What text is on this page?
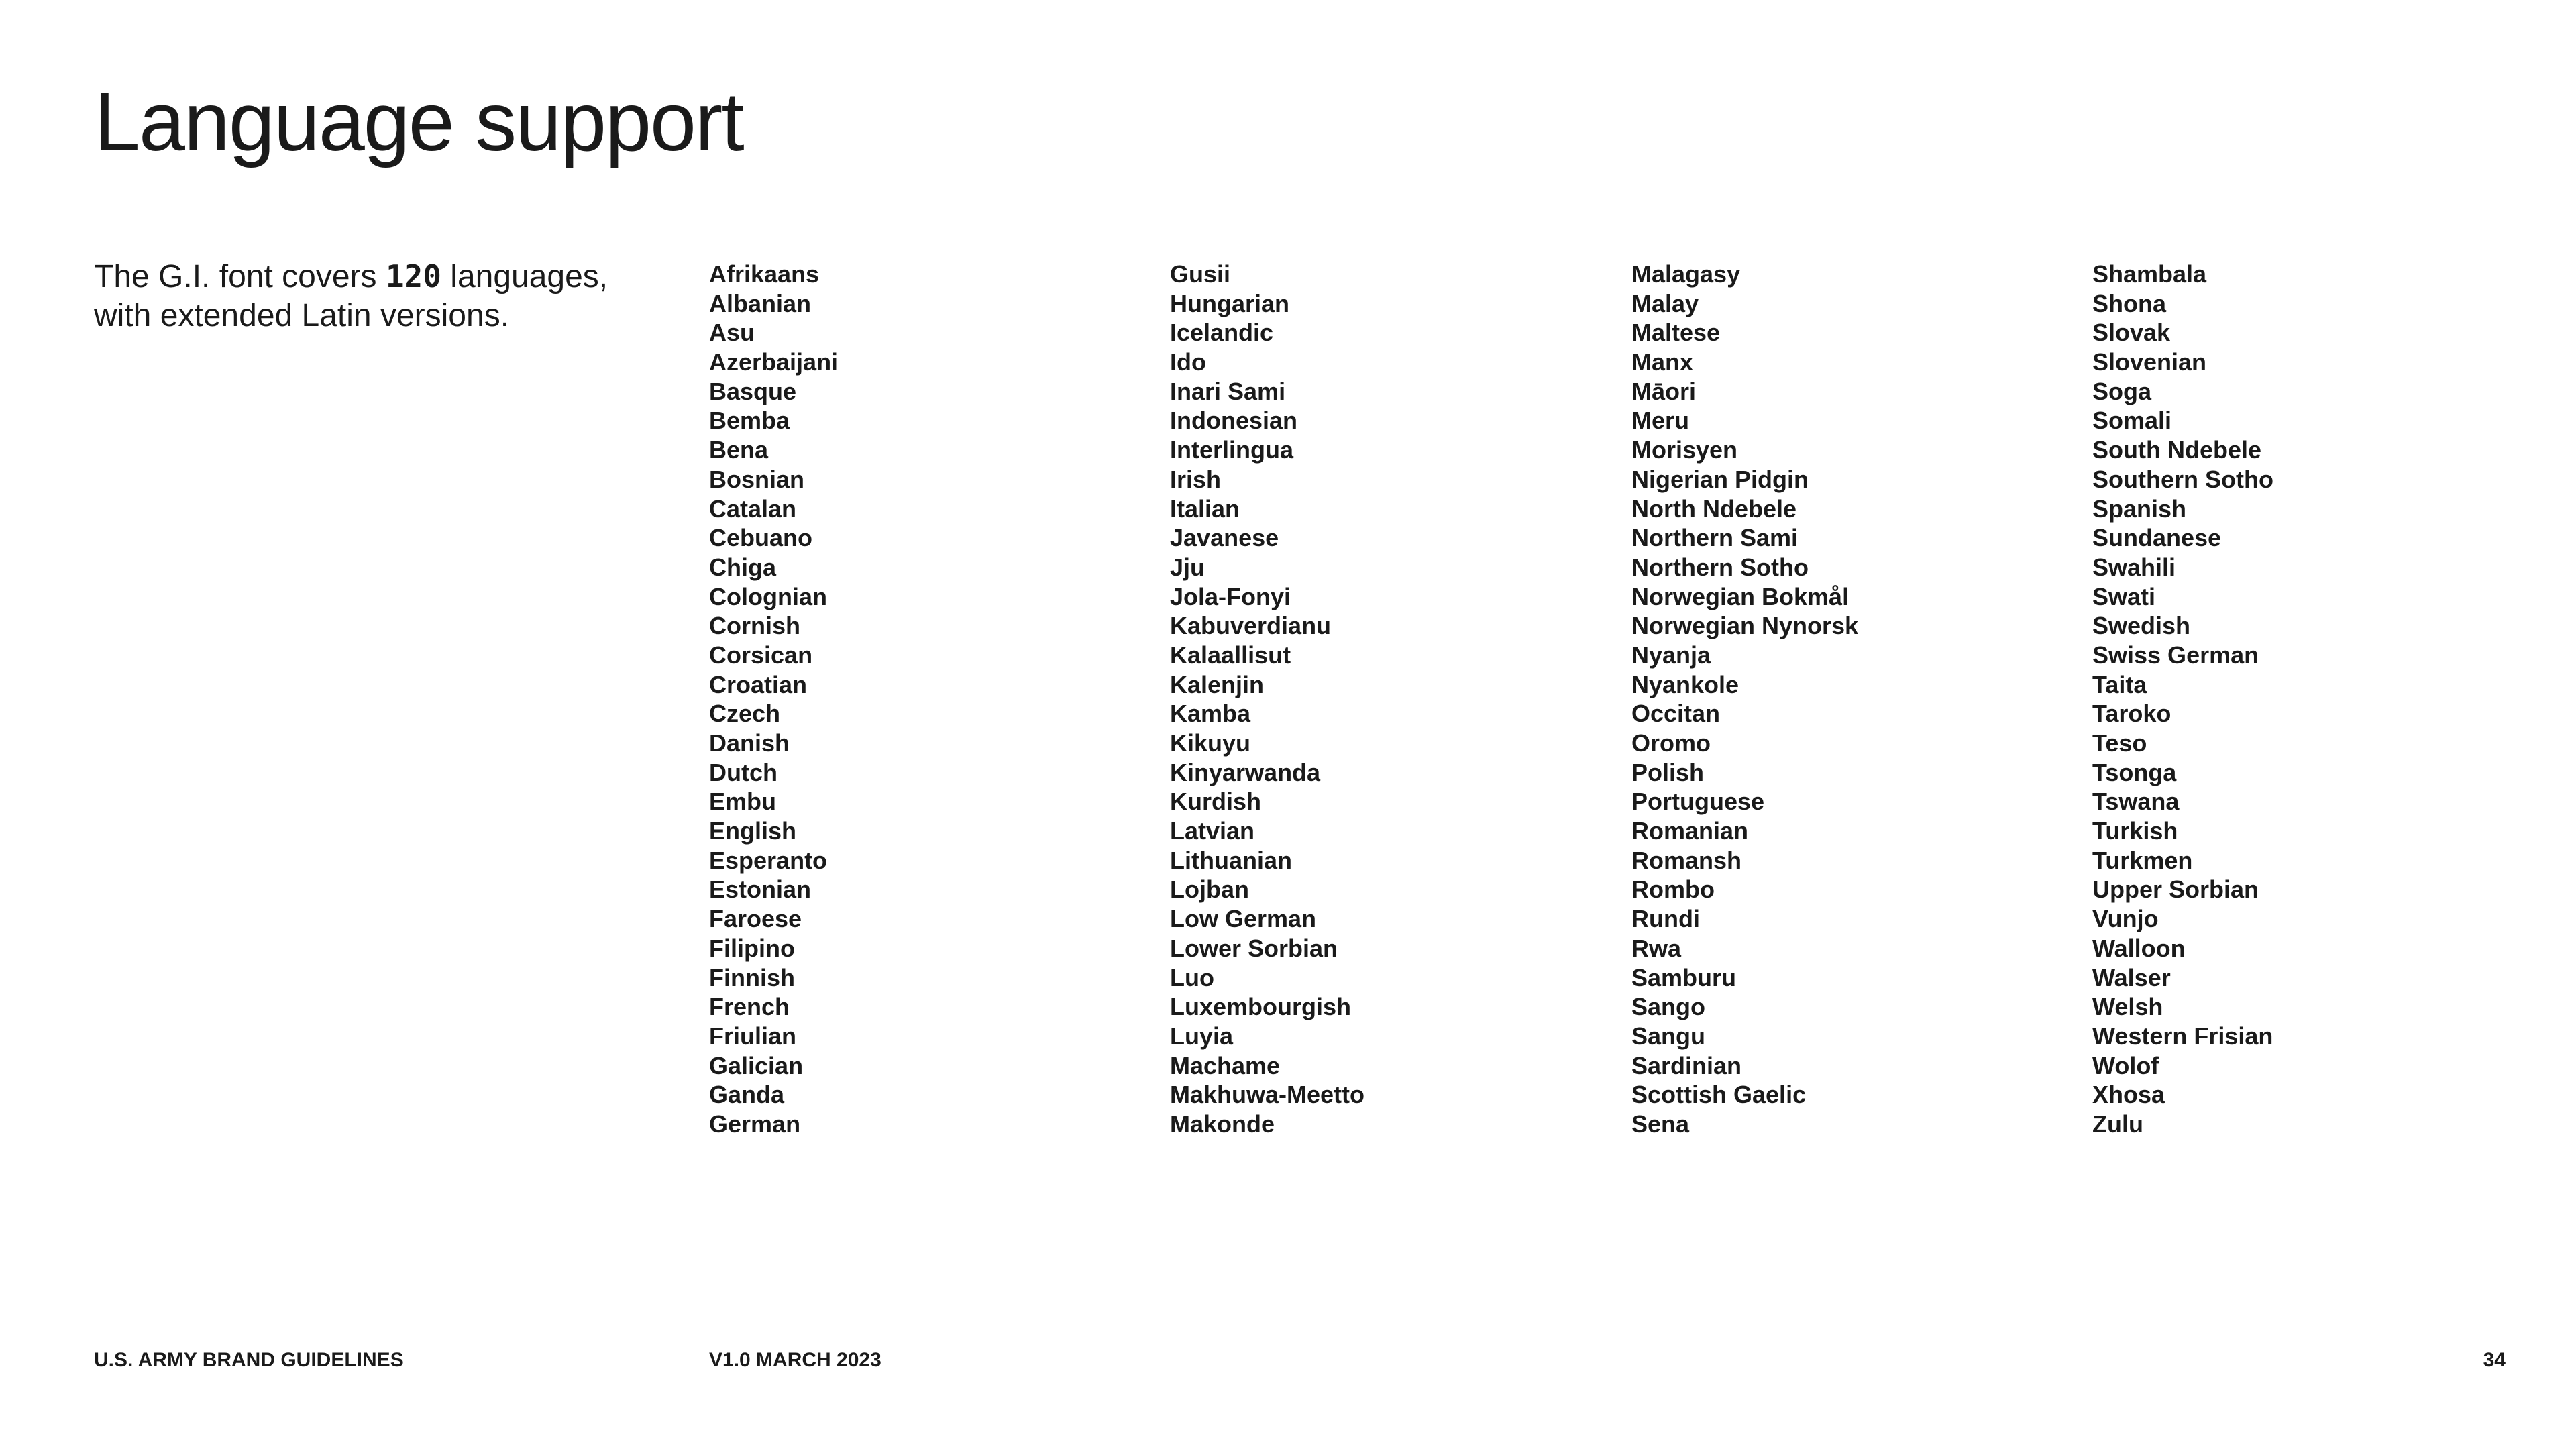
Language support

The G.I. font covers 120 languages, with extended Latin versions.

Afrikaans
Albanian
Asu
Azerbaijani
Basque
Bemba
Bena
Bosnian
Catalan
Cebuano
Chiga
Colognian
Cornish
Corsican
Croatian
Czech
Danish
Dutch
Embu
English
Esperanto
Estonian
Faroese
Filipino
Finnish
French
Friulian
Galician
Ganda
German
Gusii
Hungarian
Icelandic
Ido
Inari Sami
Indonesian
Interlingua
Irish
Italian
Javanese
Jju
Jola-Fonyi
Kabuverdianu
Kalaallisut
Kalenjin
Kamba
Kikuyu
Kinyarwanda
Kurdish
Latvian
Lithuanian
Lojban
Low German
Lower Sorbian
Luo
Luxembourgish
Luyia
Machame
Makhuwa-Meetto
Makonde
Malagasy
Malay
Maltese
Manx
Māori
Meru
Morisyen
Nigerian Pidgin
North Ndebele
Northern Sami
Northern Sotho
Norwegian Bokmål
Norwegian Nynorsk
Nyanja
Nyankole
Occitan
Oromo
Polish
Portuguese
Romanian
Romansh
Rombo
Rundi
Rwa
Samburu
Sango
Sangu
Sardinian
Scottish Gaelic
Sena
Shambala
Shona
Slovak
Slovenian
Soga
Somali
South Ndebele
Southern Sotho
Spanish
Sundanese
Swahili
Swati
Swedish
Swiss German
Taita
Taroko
Teso
Tsonga
Tswana
Turkish
Turkmen
Upper Sorbian
Vunjo
Walloon
Walser
Welsh
Western Frisian
Wolof
Xhosa
Zulu
U.S. ARMY BRAND GUIDELINES	V1.0 MARCH 2023	34
